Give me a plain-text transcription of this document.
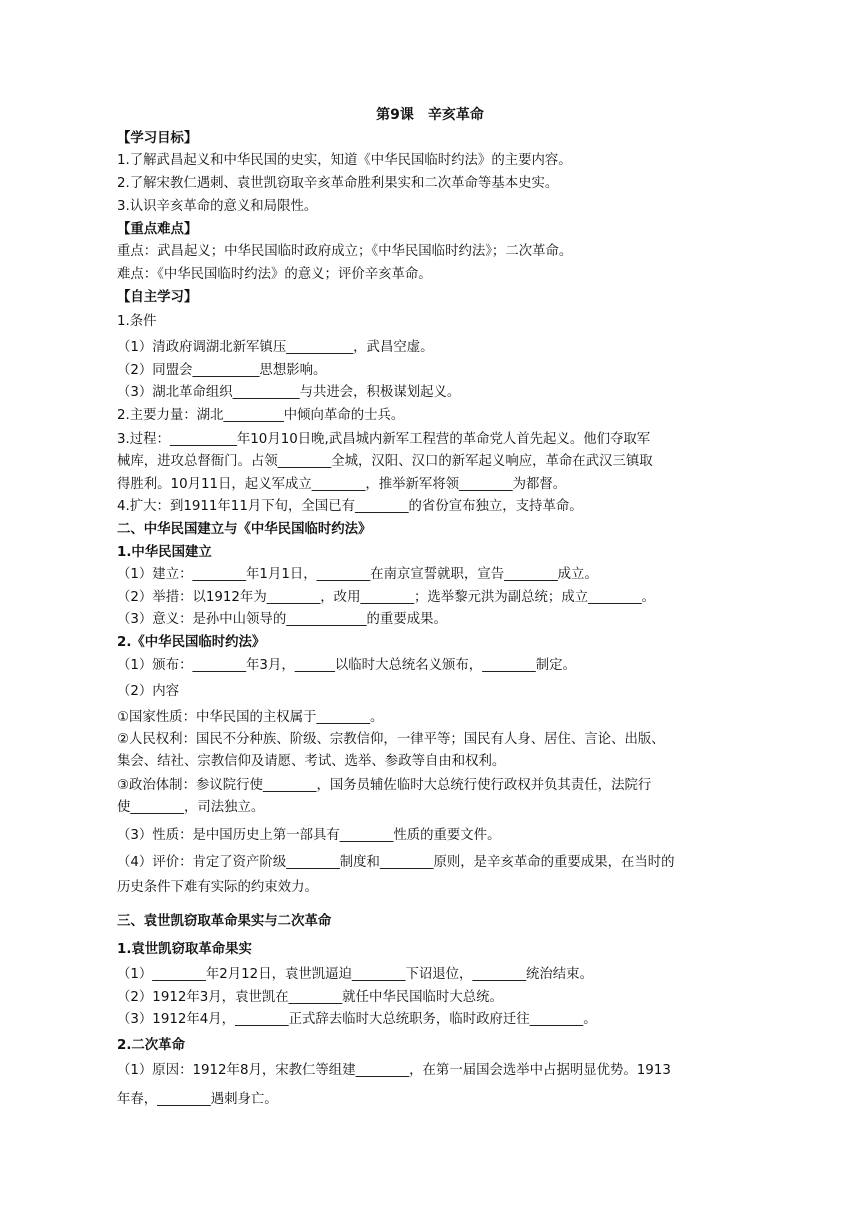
第9课　辛亥革命
【学习目标】
1.了解武昌起义和中华民国的史实，知道《中华民国临时约法》的主要内容。
2.了解宋教仁遇刺、袁世凯窃取辛亥革命胜利果实和二次革命等基本史实。
3.认识辛亥革命的意义和局限性。
【重点难点】
重点：武昌起义；中华民国临时政府成立；《中华民国临时约法》；二次革命。
难点：《中华民国临时约法》的意义；评价辛亥革命。
【自主学习】
1.条件
（1）清政府调湖北新军镇压__________，武昌空虚。
（2）同盟会__________思想影响。
（3）湖北革命组织__________与共进会，积极谋划起义。
2.主要力量：湖北_________中倾向革命的士兵。
3.过程：__________年10月10日晚,武昌城内新军工程营的革命党人首先起义。他们夺取军
械库，进攻总督衙门。占领________全城，汉阳、汉口的新军起义响应，革命在武汉三镇取
得胜利。10月11日，起义军成立________，推举新军将领________为都督。
4.扩大：到1911年11月下旬，全国已有________的省份宣布独立，支持革命。
二、中华民国建立与《中华民国临时约法》
1.中华民国建立
（1）建立：________年1月1日，________在南京宣誓就职，宣告________成立。
（2）举措：以1912年为________，改用________；选举黎元洪为副总统；成立________。
（3）意义：是孙中山领导的____________的重要成果。
2.《中华民国临时约法》
（1）颁布：________年3月，______以临时大总统名义颁布，________制定。
（2）内容
①国家性质：中华民国的主权属于________。
②人民权利：国民不分种族、阶级、宗教信仰，一律平等；国民有人身、居住、言论、出版、
集会、结社、宗教信仰及请愿、考试、选举、参政等自由和权利。
③政治体制：参议院行使________，国务员辅佐临时大总统行使行政权并负其责任，法院行
使________，司法独立。
（3）性质：是中国历史上第一部具有________性质的重要文件。
（4）评价：肯定了资产阶级________制度和________原则，是辛亥革命的重要成果，在当时的
历史条件下难有实际的约束效力。
三、袁世凯窃取革命果实与二次革命
1.袁世凯窃取革命果实
（1）________年2月12日，袁世凯逼迫________下诏退位，________统治结束。
（2）1912年3月，袁世凯在________就任中华民国临时大总统。
（3）1912年4月，________正式辞去临时大总统职务，临时政府迁往________。
2.二次革命
（1）原因：1912年8月，宋教仁等组建________，在第一届国会选举中占据明显优势。1913
年春，________遇刺身亡。
